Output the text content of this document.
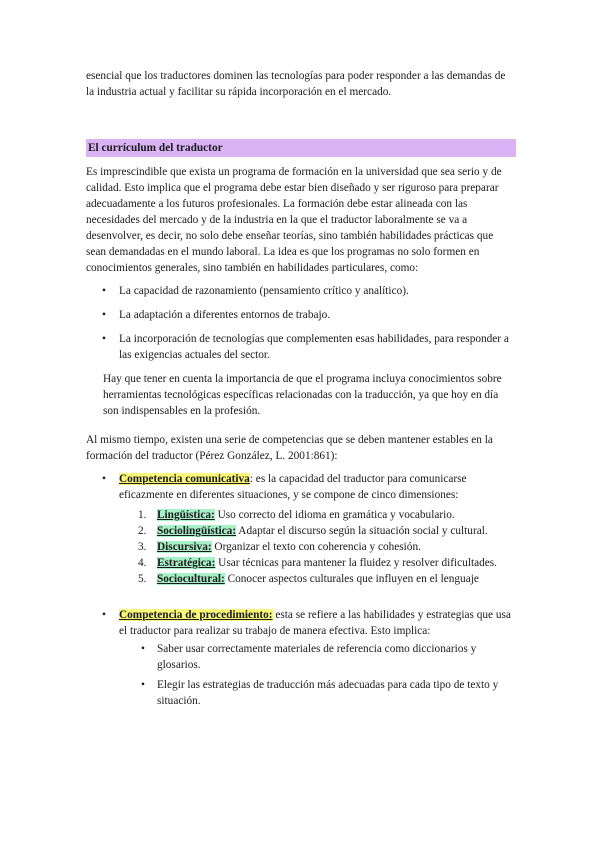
esencial que los traductores dominen las tecnologías para poder responder a las demandas de la industria actual y facilitar su rápida incorporación en el mercado.

El currículum del traductor

Es imprescindible que exista un programa de formación en la universidad que sea serio y de calidad. Esto implica que el programa debe estar bien diseñado y ser riguroso para preparar adecuadamente a los futuros profesionales. La formación debe estar alineada con las necesidades del mercado y de la industria en la que el traductor laboralmente se va a desenvolver, es decir, no solo debe enseñar teorías, sino también habilidades prácticas que sean demandadas en el mundo laboral. La idea es que los programas no solo formen en conocimientos generales, sino también en habilidades particulares, como:

• La capacidad de razonamiento (pensamiento crítico y analítico).
• La adaptación a diferentes entornos de trabajo.
• La incorporación de tecnologías que complementen esas habilidades, para responder a las exigencias actuales del sector.

Hay que tener en cuenta la importancia de que el programa incluya conocimientos sobre herramientas tecnológicas específicas relacionadas con la traducción, ya que hoy en día son indispensables en la profesión.

Al mismo tiempo, existen una serie de competencias que se deben mantener estables en la formación del traductor (Pérez González, L. 2001:861):

• Competencia comunicativa: es la capacidad del traductor para comunicarse eficazmente en diferentes situaciones, y se compone de cinco dimensiones:
1. Lingüística: Uso correcto del idioma en gramática y vocabulario.
2. Sociolingüística: Adaptar el discurso según la situación social y cultural.
3. Discursiva: Organizar el texto con coherencia y cohesión.
4. Estratégica: Usar técnicas para mantener la fluidez y resolver dificultades.
5. Sociocultural: Conocer aspectos culturales que influyen en el lenguaje
• Competencia de procedimiento: esta se refiere a las habilidades y estrategias que usa el traductor para realizar su trabajo de manera efectiva. Esto implica:
• Saber usar correctamente materiales de referencia como diccionarios y glosarios.
• Elegir las estrategias de traducción más adecuadas para cada tipo de texto y situación.
